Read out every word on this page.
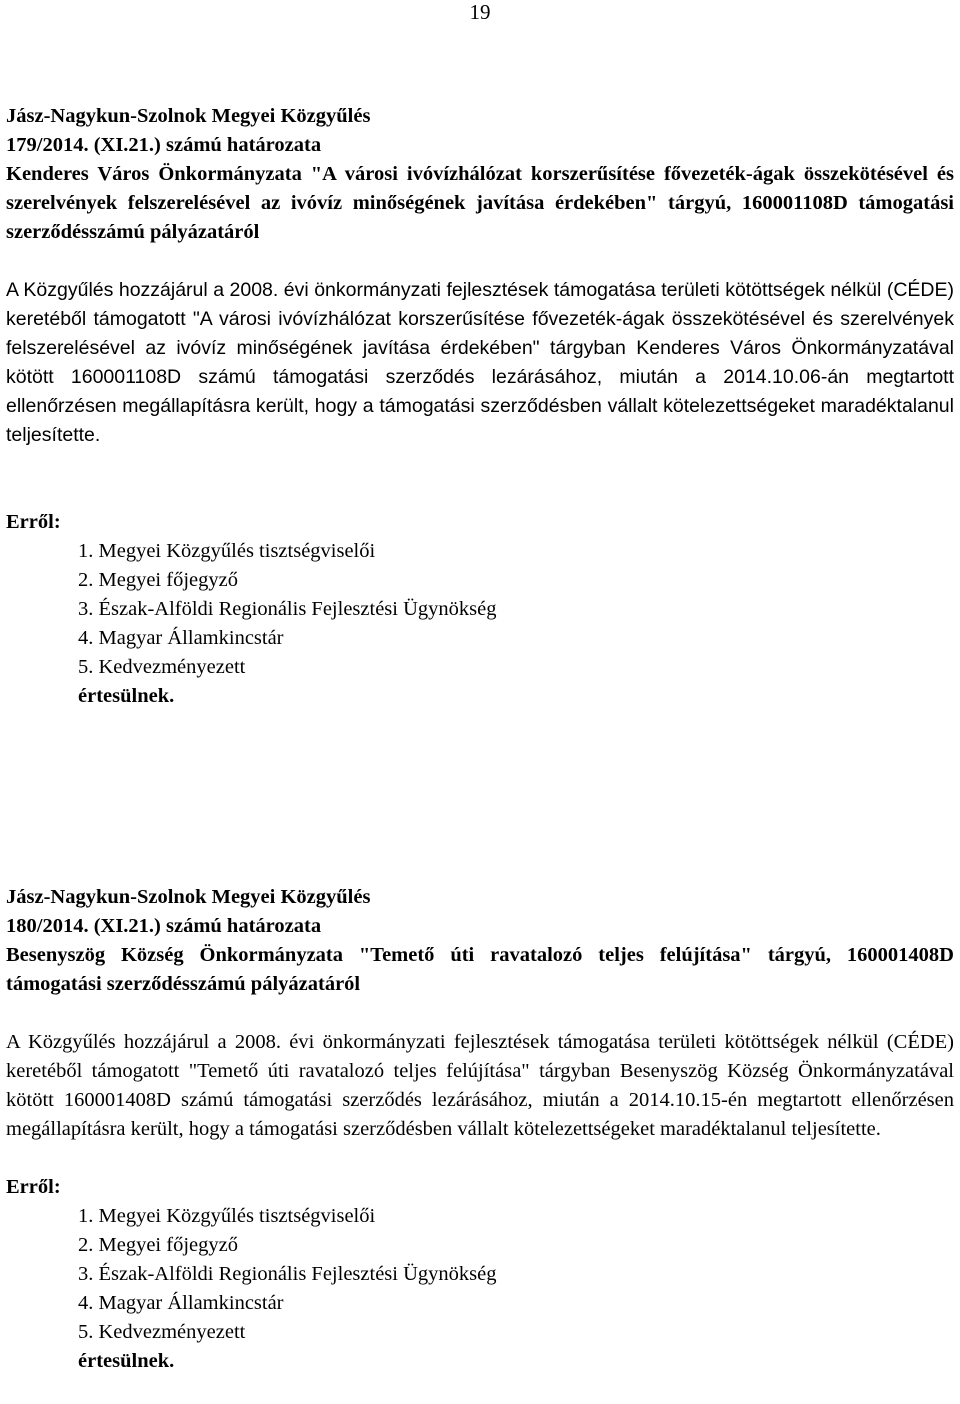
19
Jász-Nagykun-Szolnok Megyei Közgyűlés
179/2014. (XI.21.) számú határozata
Kenderes Város Önkormányzata "A városi ivóvízhálózat korszerűsítése fővezeték-ágak összekötésével és szerelvények felszerelésével az ivóvíz minőségének javítása érdekében" tárgyú, 160001108D támogatási szerződésszámú pályázatáról
A Közgyűlés hozzájárul a 2008. évi önkormányzati fejlesztések támogatása területi kötöttségek nélkül (CÉDE) keretéből támogatott "A városi ivóvízhálózat korszerűsítése fővezeték-ágak összekötésével és szerelvények felszerelésével az ivóvíz minőségének javítása érdekében" tárgyban Kenderes Város Önkormányzatával kötött 160001108D számú támogatási szerződés lezárásához, miután a 2014.10.06-án megtartott ellenőrzésen megállapításra került, hogy a támogatási szerződésben vállalt kötelezettségeket maradéktalanul teljesítette.
Erről:
1. Megyei Közgyűlés tisztségviselői
2. Megyei főjegyző
3. Észak-Alföldi Regionális Fejlesztési Ügynökség
4. Magyar Államkincstár
5. Kedvezményezett
értesülnek.
Jász-Nagykun-Szolnok Megyei Közgyűlés
180/2014. (XI.21.) számú határozata
Besenyszög Község Önkormányzata "Temető úti ravatalozó teljes felújítása" tárgyú, 160001408D támogatási szerződésszámú pályázatáról
A Közgyűlés hozzájárul a 2008. évi önkormányzati fejlesztések támogatása területi kötöttségek nélkül (CÉDE) keretéből támogatott "Temető úti ravatalozó teljes felújítása" tárgyban Besenyszög Község Önkormányzatával kötött 160001408D számú támogatási szerződés lezárásához, miután a 2014.10.15-én megtartott ellenőrzésen megállapításra került, hogy a támogatási szerződésben vállalt kötelezettségeket maradéktalanul teljesítette.
Erről:
1. Megyei Közgyűlés tisztségviselői
2. Megyei főjegyző
3. Észak-Alföldi Regionális Fejlesztési Ügynökség
4. Magyar Államkincstár
5. Kedvezményezett
értesülnek.
